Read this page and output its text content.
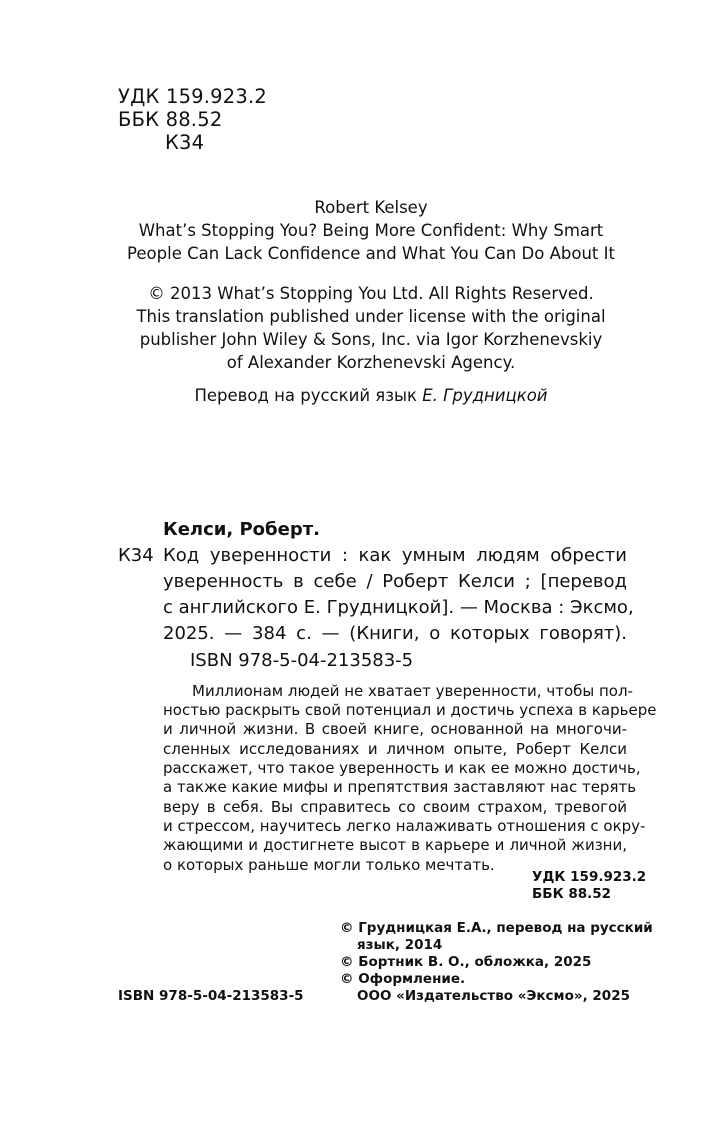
УДК 159.923.2
ББК 88.52
К34
Robert Kelsey
What’s Stopping You? Being More Confident: Why Smart
People Can Lack Confidence and What You Can Do About It
© 2013 What’s Stopping You Ltd. All Rights Reserved.
This translation published under license with the original
publisher John Wiley & Sons, Inc. via Igor Korzhenevskiy
of Alexander Korzhenevski Agency.
Перевод на русский язык Е. Грудницкой
Келси, Роберт.
К34 Код уверенности : как умным людям обрести
уверенность в себе / Роберт Келси ; [перевод
с английского Е. Грудницкой]. — Москва : Эксмо,
2025. — 384 с. — (Книги, о которых говорят).
ISBN 978-5-04-213583-5
Миллионам людей не хватает уверенности, чтобы пол-
ностью раскрыть свой потенциал и достичь успеха в карьере
и личной жизни. В своей книге, основанной на многочи-
сленных исследованиях и личном опыте, Роберт Келси
расскажет, что такое уверенность и как ее можно достичь,
а также какие мифы и препятствия заставляют нас терять
веру в себя. Вы справитесь со своим страхом, тревогой
и стрессом, научитесь легко налаживать отношения с окру-
жающими и достигнете высот в карьере и личной жизни,
о которых раньше могли только мечтать.
УДК 159.923.2
ББК 88.52
© Грудницкая Е.А., перевод на русский
язык, 2014
© Бортник В. О., обложка, 2025
© Оформление.
ООО «Издательство «Эксмо», 2025
ISBN 978-5-04-213583-5
